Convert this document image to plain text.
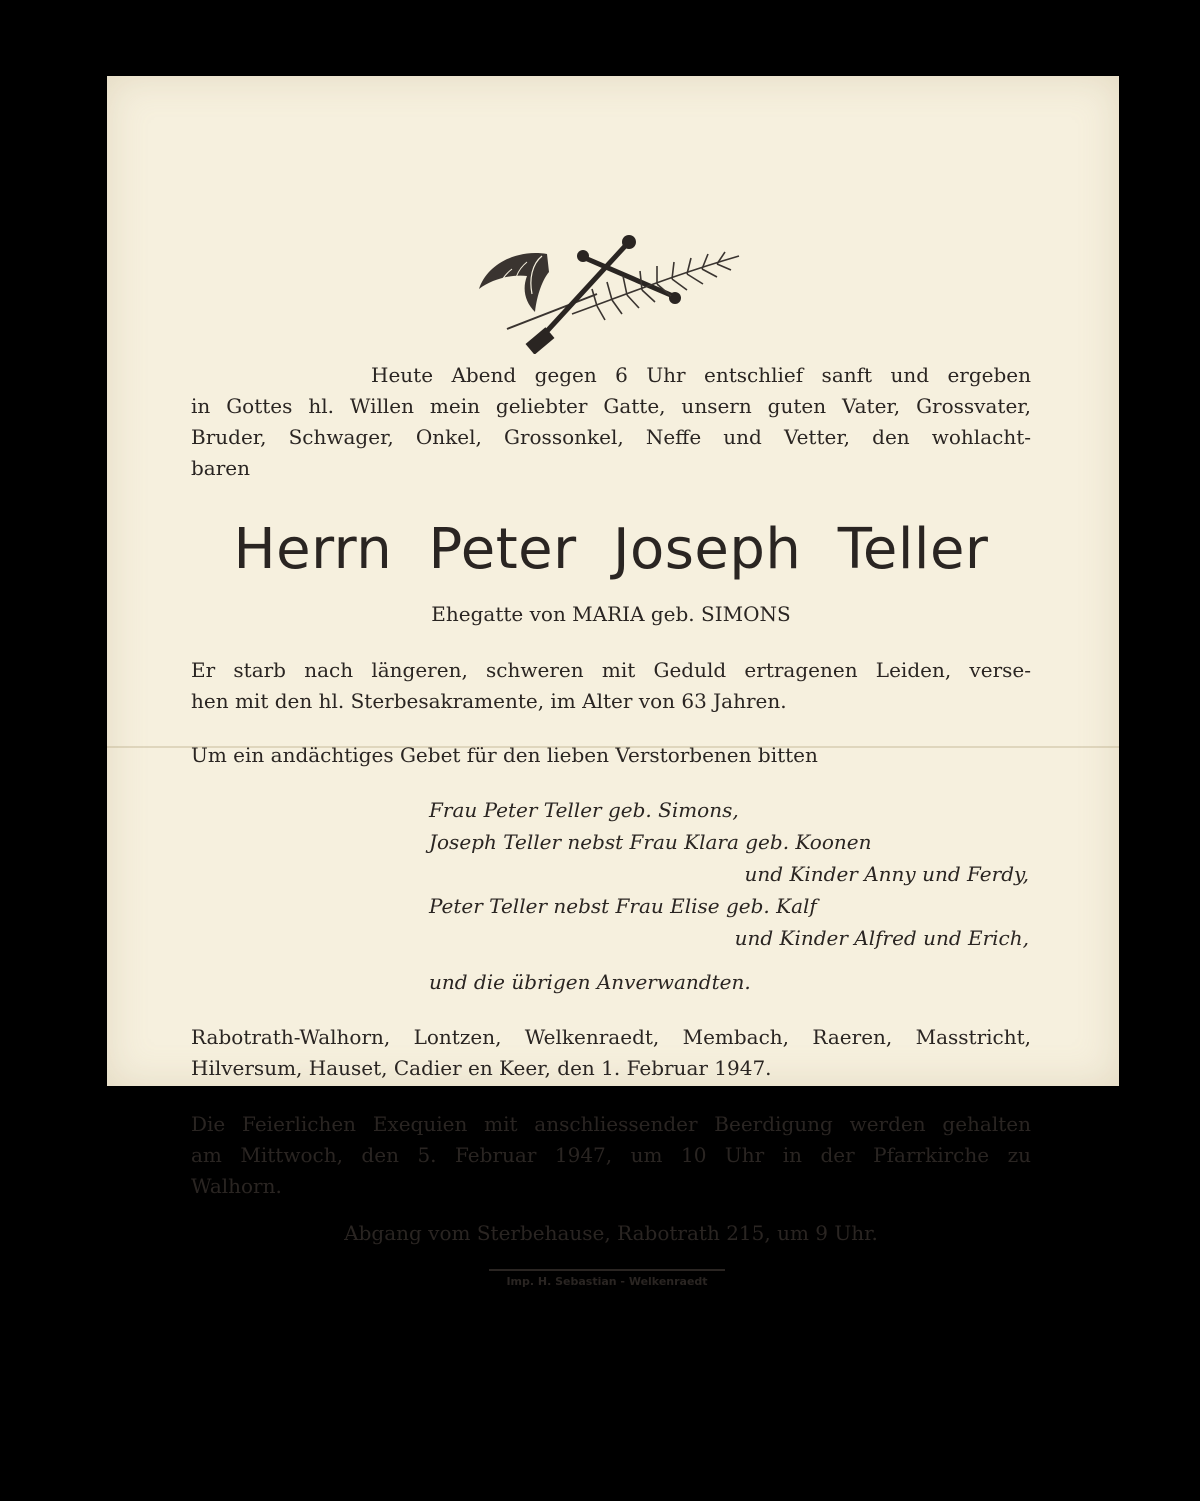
Heute Abend gegen 6 Uhr entschlief sanft und ergeben
in Gottes hl. Willen mein geliebter Gatte, unsern guten Vater, Grossvater,
Bruder, Schwager, Onkel, Grossonkel, Neffe und Vetter, den wohlacht-
baren
Herrn Peter Joseph Teller
Ehegatte von MARIA geb. SIMONS
Er starb nach längeren, schweren mit Geduld ertragenen Leiden, verse-
hen mit den hl. Sterbesakramente, im Alter von 63 Jahren.
Um ein andächtiges Gebet für den lieben Verstorbenen bitten
Frau Peter Teller geb. Simons,
Joseph Teller nebst Frau Klara geb. Koonen
und Kinder Anny und Ferdy,
Peter Teller nebst Frau Elise geb. Kalf
und Kinder Alfred und Erich,
und die übrigen Anverwandten.
Rabotrath-Walhorn, Lontzen, Welkenraedt, Membach, Raeren, Masstricht,
Hilversum, Hauset, Cadier en Keer, den 1. Februar 1947.
Die Feierlichen Exequien mit anschliessender Beerdigung werden gehalten
am Mittwoch, den 5. Februar 1947, um 10 Uhr in der Pfarrkirche zu
Walhorn.
Abgang vom Sterbehause, Rabotrath 215, um 9 Uhr.
Imp. H. Sebastian - Welkenraedt
